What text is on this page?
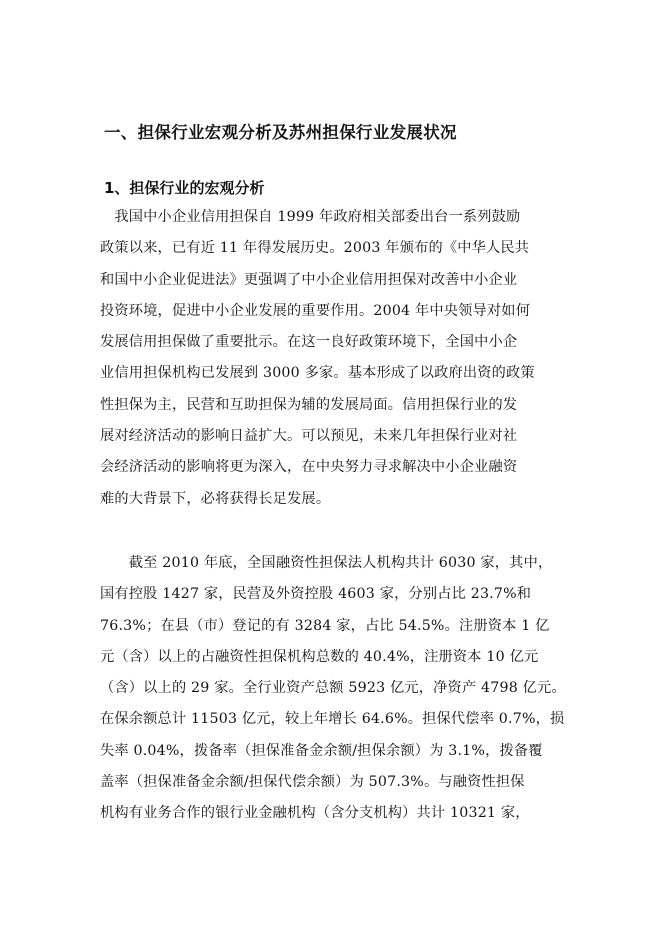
一、担保行业宏观分析及苏州担保行业发展状况
1、担保行业的宏观分析
　我国中小企业信用担保自 1999 年政府相关部委出台一系列鼓励
政策以来，已有近 11 年得发展历史。2003 年颁布的《中华人民共
和国中小企业促进法》更强调了中小企业信用担保对改善中小企业
投资环境，促进中小企业发展的重要作用。2004 年中央领导对如何
发展信用担保做了重要批示。在这一良好政策环境下，全国中小企
业信用担保机构已发展到 3000 多家。基本形成了以政府出资的政策
性担保为主，民营和互助担保为辅的发展局面。信用担保行业的发
展对经济活动的影响日益扩大。可以预见，未来几年担保行业对社
会经济活动的影响将更为深入，在中央努力寻求解决中小企业融资
难的大背景下，必将获得长足发展。
　　截至 2010 年底，全国融资性担保法人机构共计 6030 家，其中，
国有控股 1427 家，民营及外资控股 4603 家，分别占比 23.7%和
76.3%；在县（市）登记的有 3284 家，占比 54.5%。注册资本 1 亿
元（含）以上的占融资性担保机构总数的 40.4%，注册资本 10 亿元
（含）以上的 29 家。全行业资产总额 5923 亿元，净资产 4798 亿元。
在保余额总计 11503 亿元，较上年增长 64.6%。担保代偿率 0.7%，损
失率 0.04%，拨备率（担保准备金余额/担保余额）为 3.1%，拨备覆
盖率（担保准备金余额/担保代偿余额）为 507.3%。与融资性担保
机构有业务合作的银行业金融机构（含分支机构）共计 10321 家，
